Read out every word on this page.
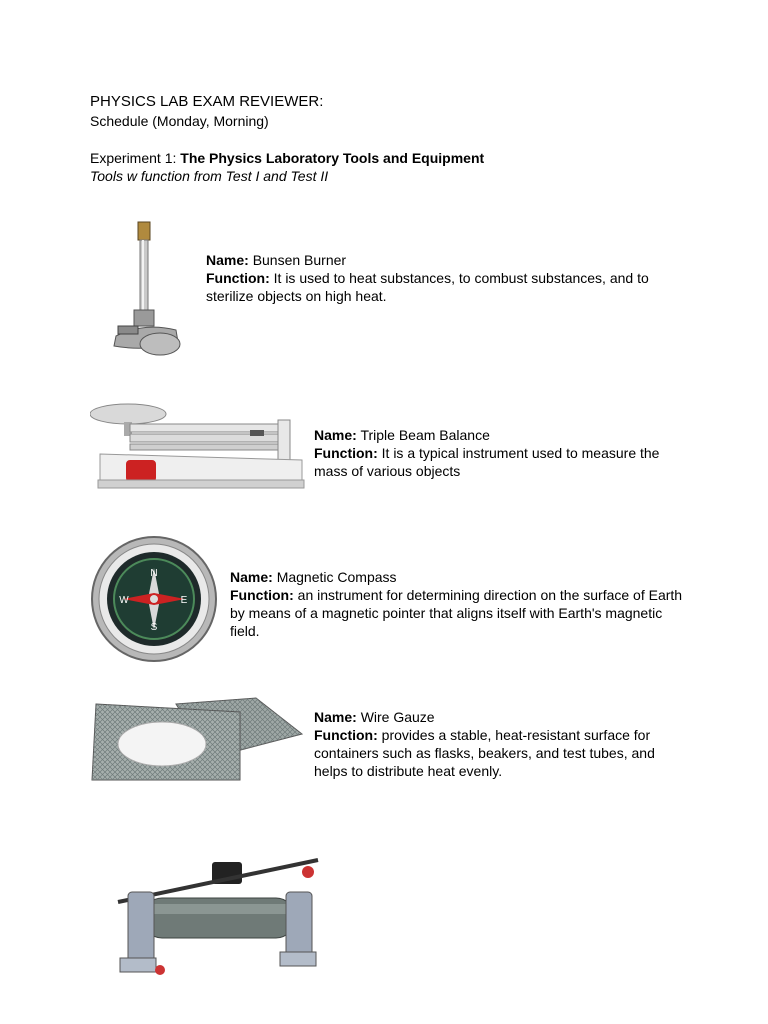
PHYSICS LAB EXAM REVIEWER:
Schedule (Monday, Morning)
Experiment 1: The Physics Laboratory Tools and Equipment
Tools w function from Test I and Test II

Name: Bunsen Burner

Function: It is used to heat substances, to combust substances, and to

sterilize objects on high heat.

Name: Triple Beam Balance

Function: It is a typical instrument used to measure the

mass of various objects

N
E
S
W

Name: Magnetic Compass

Function: an instrument for determining direction on the surface of Earth

by means of a magnetic pointer that aligns itself with Earth's magnetic

field.

Name: Wire Gauze

Function: provides a stable, heat-resistant surface for

containers such as flasks, beakers, and test tubes, and

helps to distribute heat evenly.
